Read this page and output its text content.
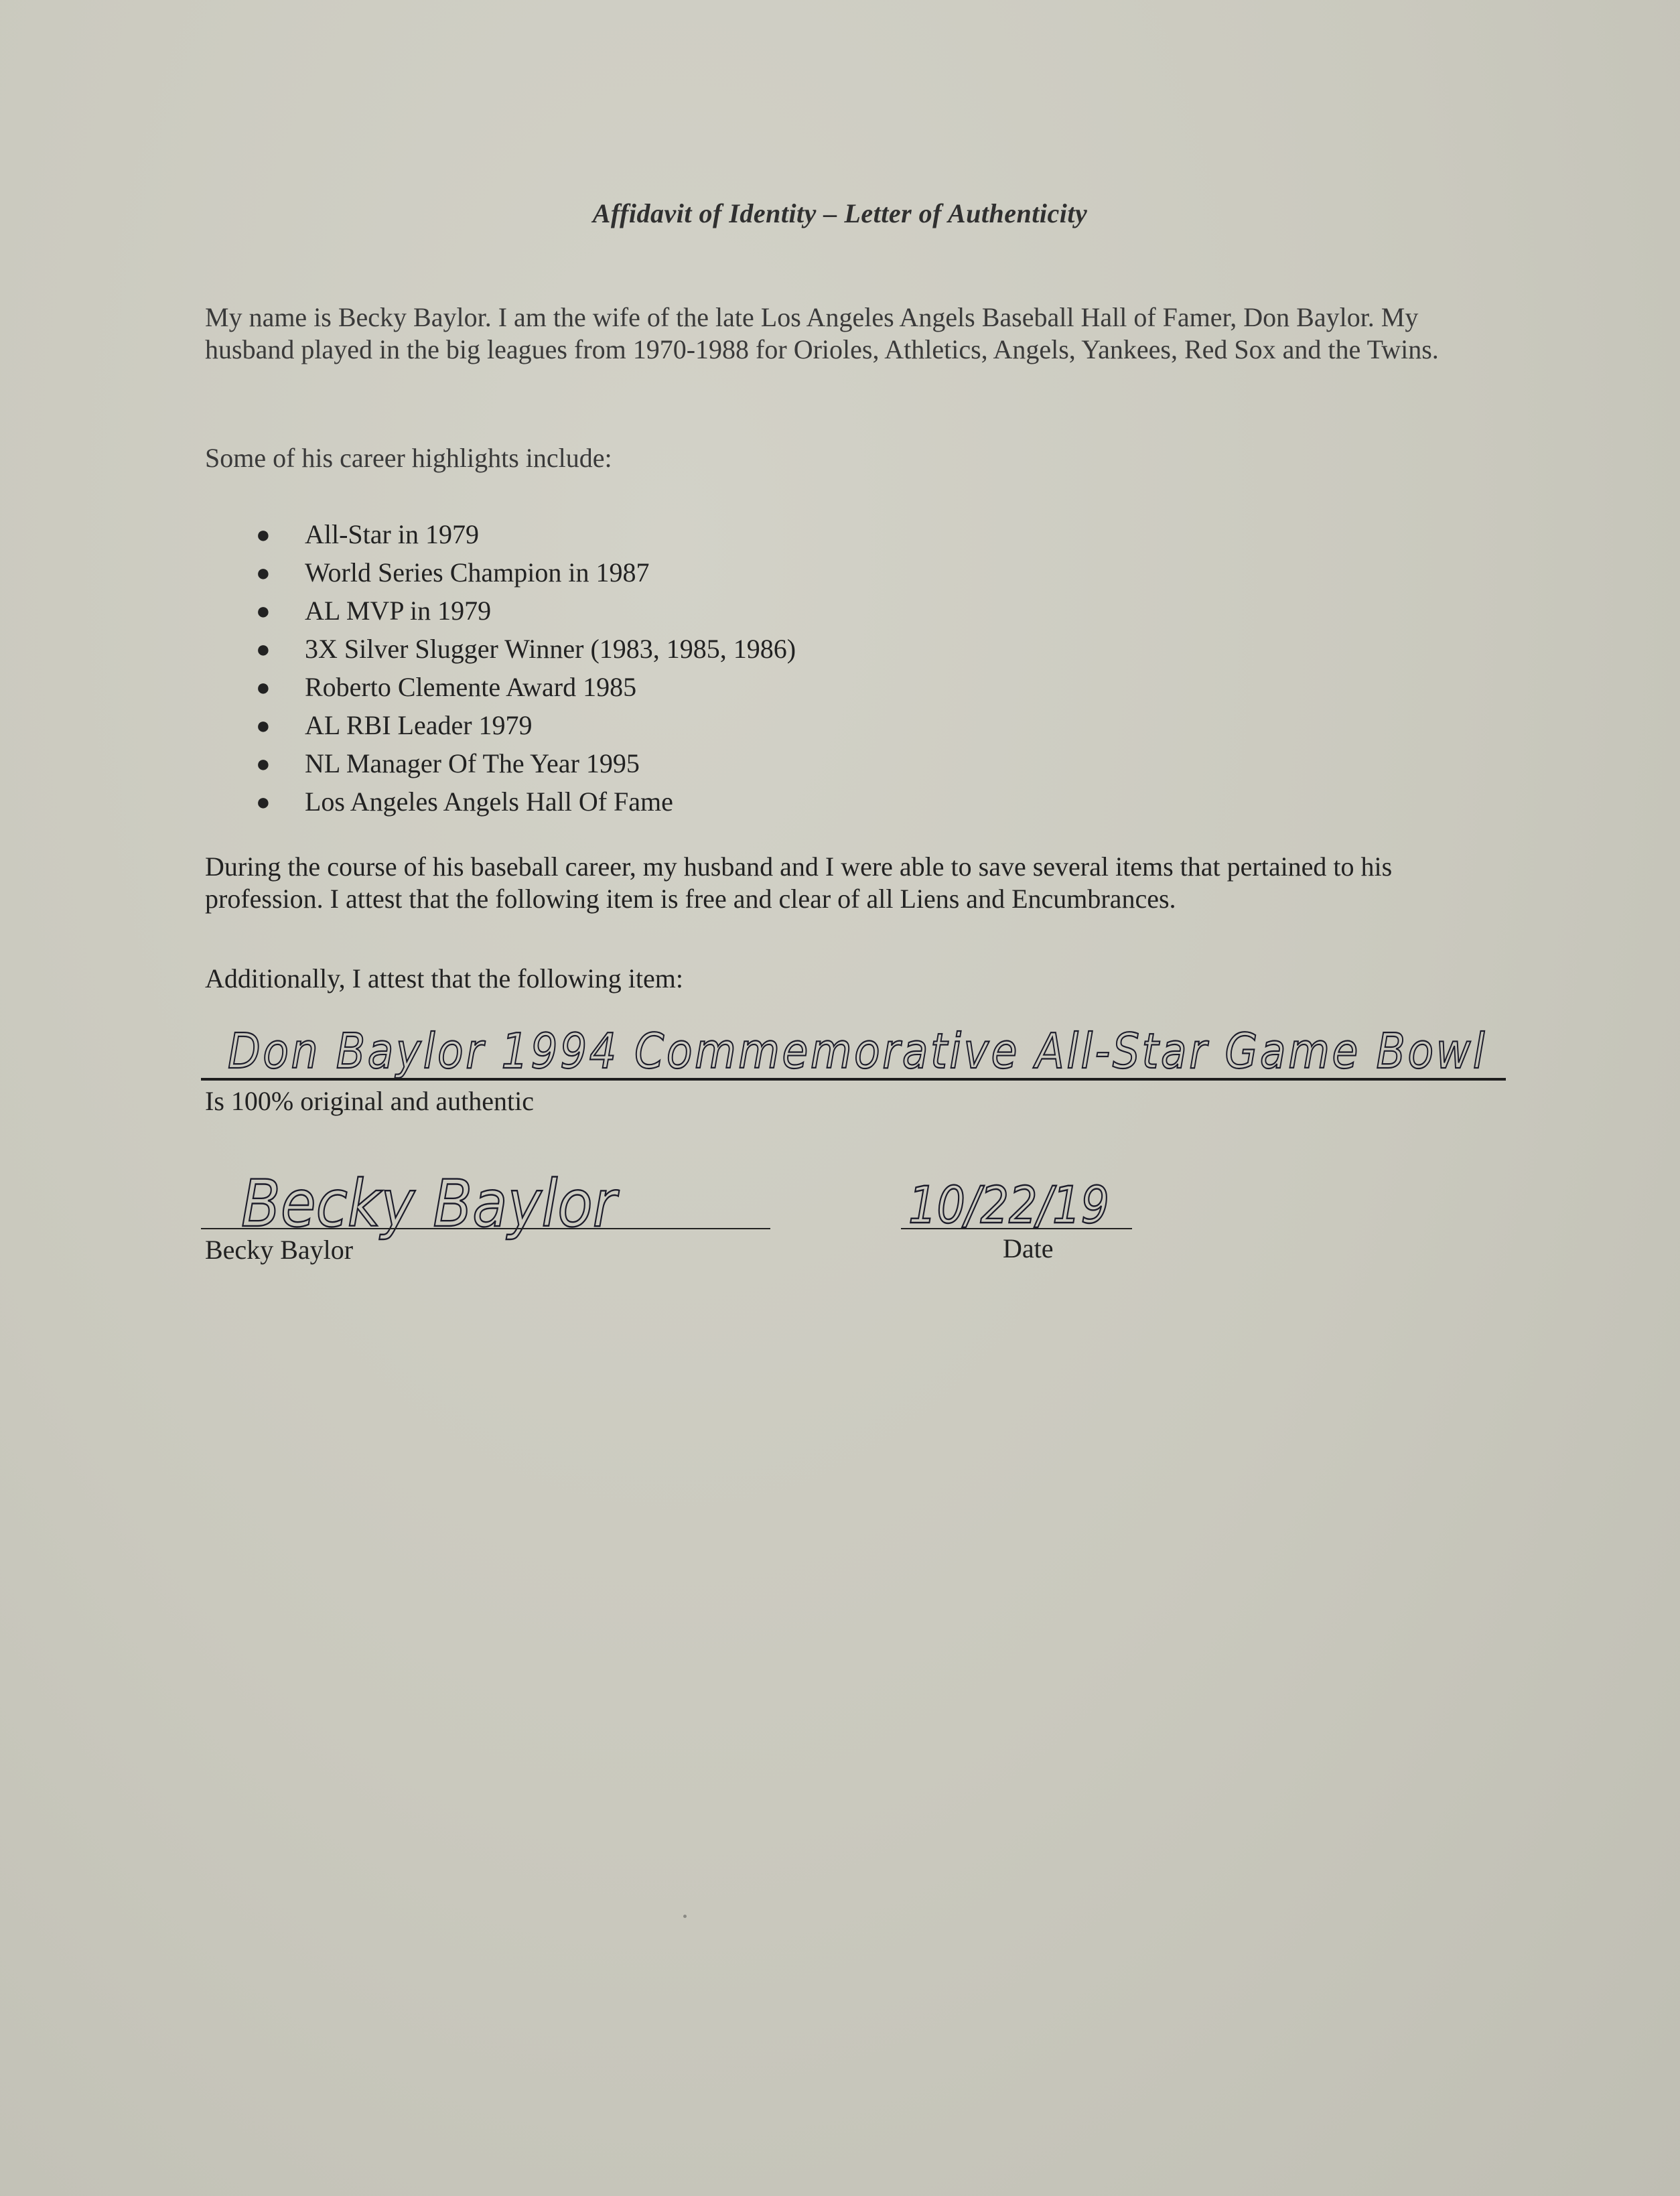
Affidavit of Identity – Letter of Authenticity
My name is Becky Baylor. I am the wife of the late Los Angeles Angels Baseball Hall of Famer, Don Baylor. My husband played in the big leagues from 1970-1988 for Orioles, Athletics, Angels, Yankees, Red Sox and the Twins.
Some of his career highlights include:
● All-Star in 1979
● World Series Champion in 1987
● AL MVP in 1979
● 3X Silver Slugger Winner (1983, 1985, 1986)
● Roberto Clemente Award 1985
● AL RBI Leader 1979
● NL Manager Of The Year 1995
● Los Angeles Angels Hall Of Fame
During the course of his baseball career, my husband and I were able to save several items that pertained to his profession. I attest that the following item is free and clear of all Liens and Encumbrances.
Additionally, I attest that the following item:
Don Baylor 1994 Commemorative All-Star Game Bowl
Is 100% original and authentic
Becky Baylor
Becky Baylor
10/22/19
Date
